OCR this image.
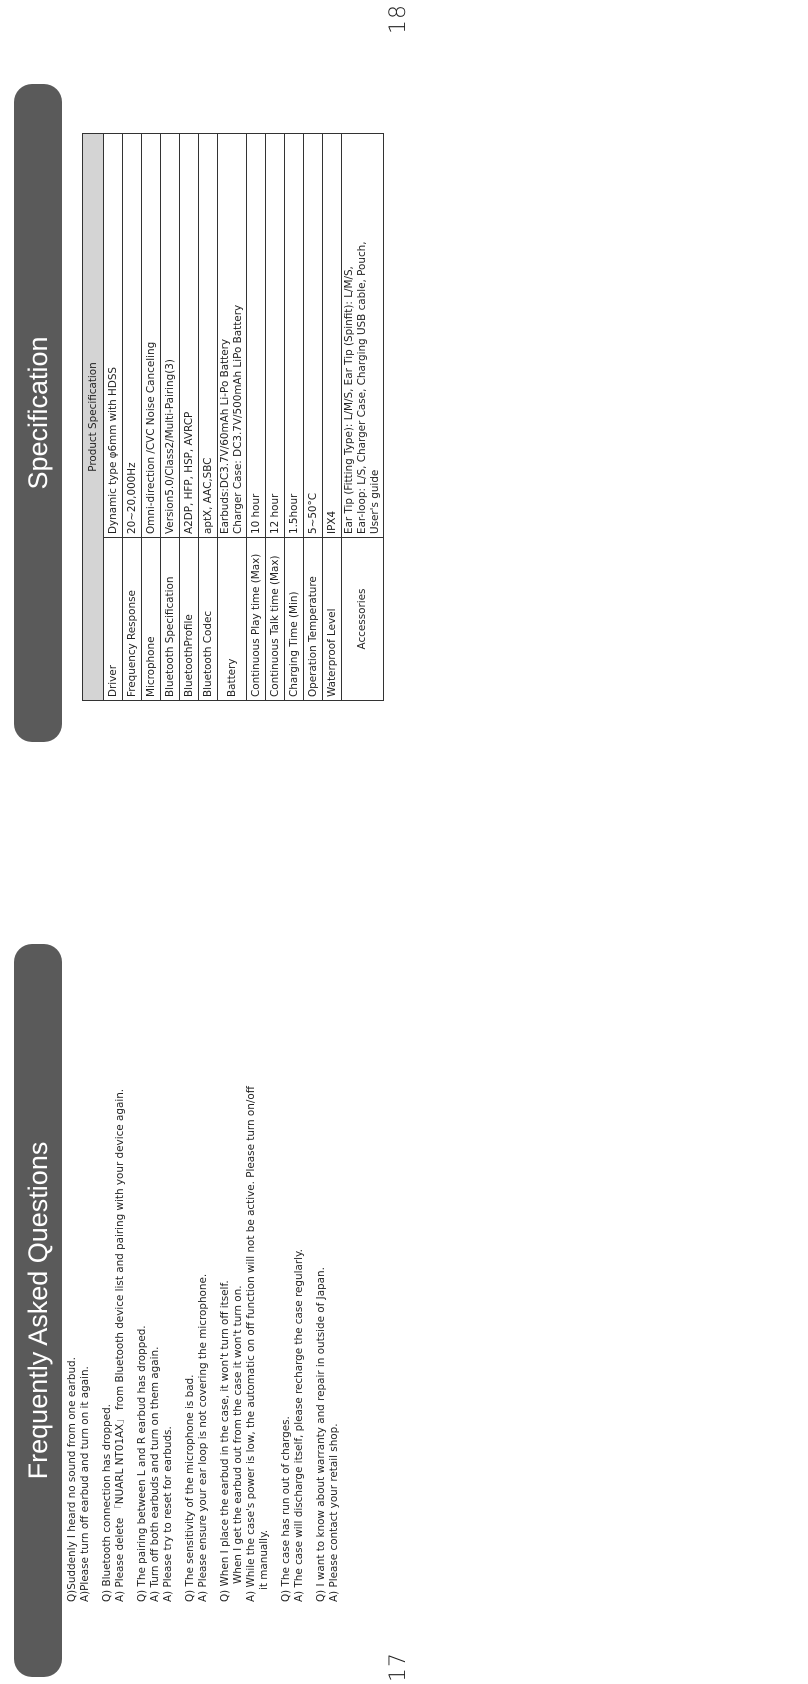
17
18
Frequently Asked Questions
Q)Suddenly I heard no sound from one earbud. A)Please turn off earbud and turn on it again. Q) Bluetooth connection has dropped. A) Please delete 「NUARL NT01AX」 from Bluetooth device list and pairing with your device again. Q) The pairing between L and R earbud has dropped. A) Turn off both earbuds and turn on them again. A) Please try to reset for earbuds. Q) The sensitivity of the microphone is bad. A) Please ensure your ear loop is not covering the microphone. Q) When I place the earbud in the case, it won't turn off itself. When I get the earbud out from the case it won't turn on. A) While the case's power is low, the automatic on off function will not be active. Please turn on/off it manually. Q) The case has run out of charges. A) The case will discharge itself, please recharge the case regularly. Q) I want to know about warranty and repair in outside of Japan. A) Please contact your retail shop.
Specification	Product Specification	
Driver	Dynamic type φ6mm with HDSS
Frequency Response	20~20,000Hz
Microphone	Omni-direction /CVC Noise Canceling
Bluetooth Specification	Version5.0/Class2/Multi-Pairing(3)
BluetoothProfile	A2DP, HFP, HSP, AVRCP
Bluetooth Codec	aptX, AAC,SBC
Battery	Earbuds:DC3.7V/60mAh Li-Po Battery Charger Case: DC3.7V/500mAh LiPo Battery

Continuous Play time (Max)	10 hour
Continuous Talk time (Max)	12 hour
Charging Time (Min)	1.5hour
Operation Temperature	5~50°C
Waterproof Level	IPX4
Accessories	Ear Tip (Fitting Type): L/M/S, Ear Tip (Spinfit): L/M/S, Ear-loop: L/S, Charger Case, Charging USB cable, Pouch, User's guide
